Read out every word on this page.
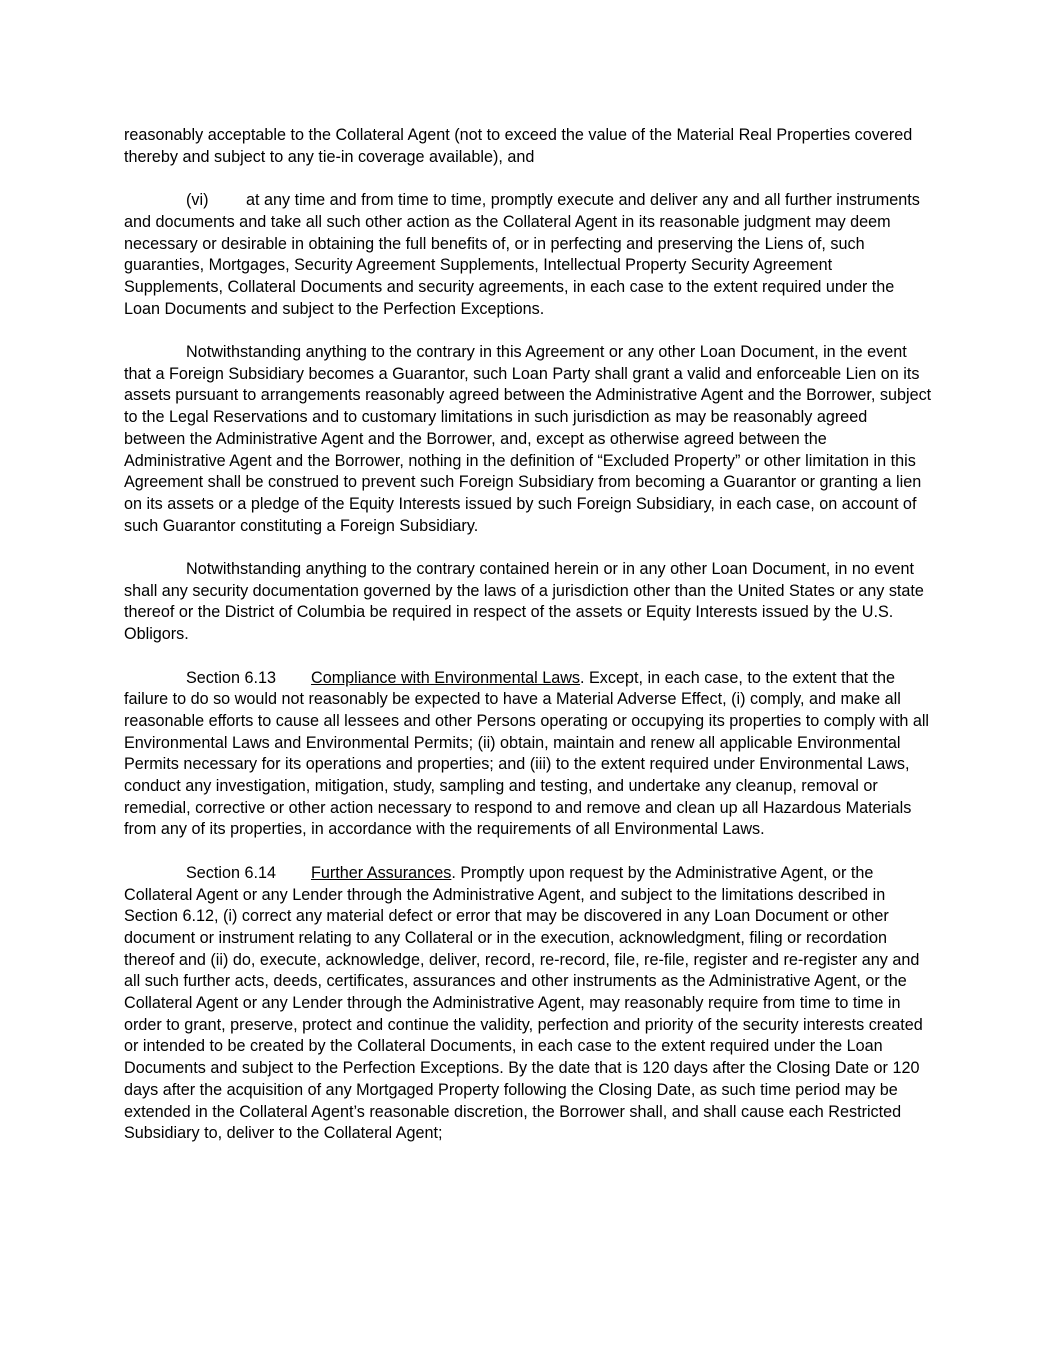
reasonably acceptable to the Collateral Agent (not to exceed the value of the Material Real Properties covered thereby and subject to any tie-in coverage available), and

(vi) at any time and from time to time, promptly execute and deliver any and all further instruments and documents and take all such other action as the Collateral Agent in its reasonable judgment may deem necessary or desirable in obtaining the full benefits of, or in perfecting and preserving the Liens of, such guaranties, Mortgages, Security Agreement Supplements, Intellectual Property Security Agreement Supplements, Collateral Documents and security agreements, in each case to the extent required under the Loan Documents and subject to the Perfection Exceptions.

Notwithstanding anything to the contrary in this Agreement or any other Loan Document, in the event that a Foreign Subsidiary becomes a Guarantor, such Loan Party shall grant a valid and enforceable Lien on its assets pursuant to arrangements reasonably agreed between the Administrative Agent and the Borrower, subject to the Legal Reservations and to customary limitations in such jurisdiction as may be reasonably agreed between the Administrative Agent and the Borrower, and, except as otherwise agreed between the Administrative Agent and the Borrower, nothing in the definition of “Excluded Property” or other limitation in this Agreement shall be construed to prevent such Foreign Subsidiary from becoming a Guarantor or granting a lien on its assets or a pledge of the Equity Interests issued by such Foreign Subsidiary, in each case, on account of such Guarantor constituting a Foreign Subsidiary.

Notwithstanding anything to the contrary contained herein or in any other Loan Document, in no event shall any security documentation governed by the laws of a jurisdiction other than the United States or any state thereof or the District of Columbia be required in respect of the assets or Equity Interests issued by the U.S. Obligors.

Section 6.13 Compliance with Environmental Laws. Except, in each case, to the extent that the failure to do so would not reasonably be expected to have a Material Adverse Effect, (i) comply, and make all reasonable efforts to cause all lessees and other Persons operating or occupying its properties to comply with all Environmental Laws and Environmental Permits; (ii) obtain, maintain and renew all applicable Environmental Permits necessary for its operations and properties; and (iii) to the extent required under Environmental Laws, conduct any investigation, mitigation, study, sampling and testing, and undertake any cleanup, removal or remedial, corrective or other action necessary to respond to and remove and clean up all Hazardous Materials from any of its properties, in accordance with the requirements of all Environmental Laws.

Section 6.14 Further Assurances. Promptly upon request by the Administrative Agent, or the Collateral Agent or any Lender through the Administrative Agent, and subject to the limitations described in Section 6.12, (i) correct any material defect or error that may be discovered in any Loan Document or other document or instrument relating to any Collateral or in the execution, acknowledgment, filing or recordation thereof and (ii) do, execute, acknowledge, deliver, record, re-record, file, re-file, register and re-register any and all such further acts, deeds, certificates, assurances and other instruments as the Administrative Agent, or the Collateral Agent or any Lender through the Administrative Agent, may reasonably require from time to time in order to grant, preserve, protect and continue the validity, perfection and priority of the security interests created or intended to be created by the Collateral Documents, in each case to the extent required under the Loan Documents and subject to the Perfection Exceptions. By the date that is 120 days after the Closing Date or 120 days after the acquisition of any Mortgaged Property following the Closing Date, as such time period may be extended in the Collateral Agent’s reasonable discretion, the Borrower shall, and shall cause each Restricted Subsidiary to, deliver to the Collateral Agent;
